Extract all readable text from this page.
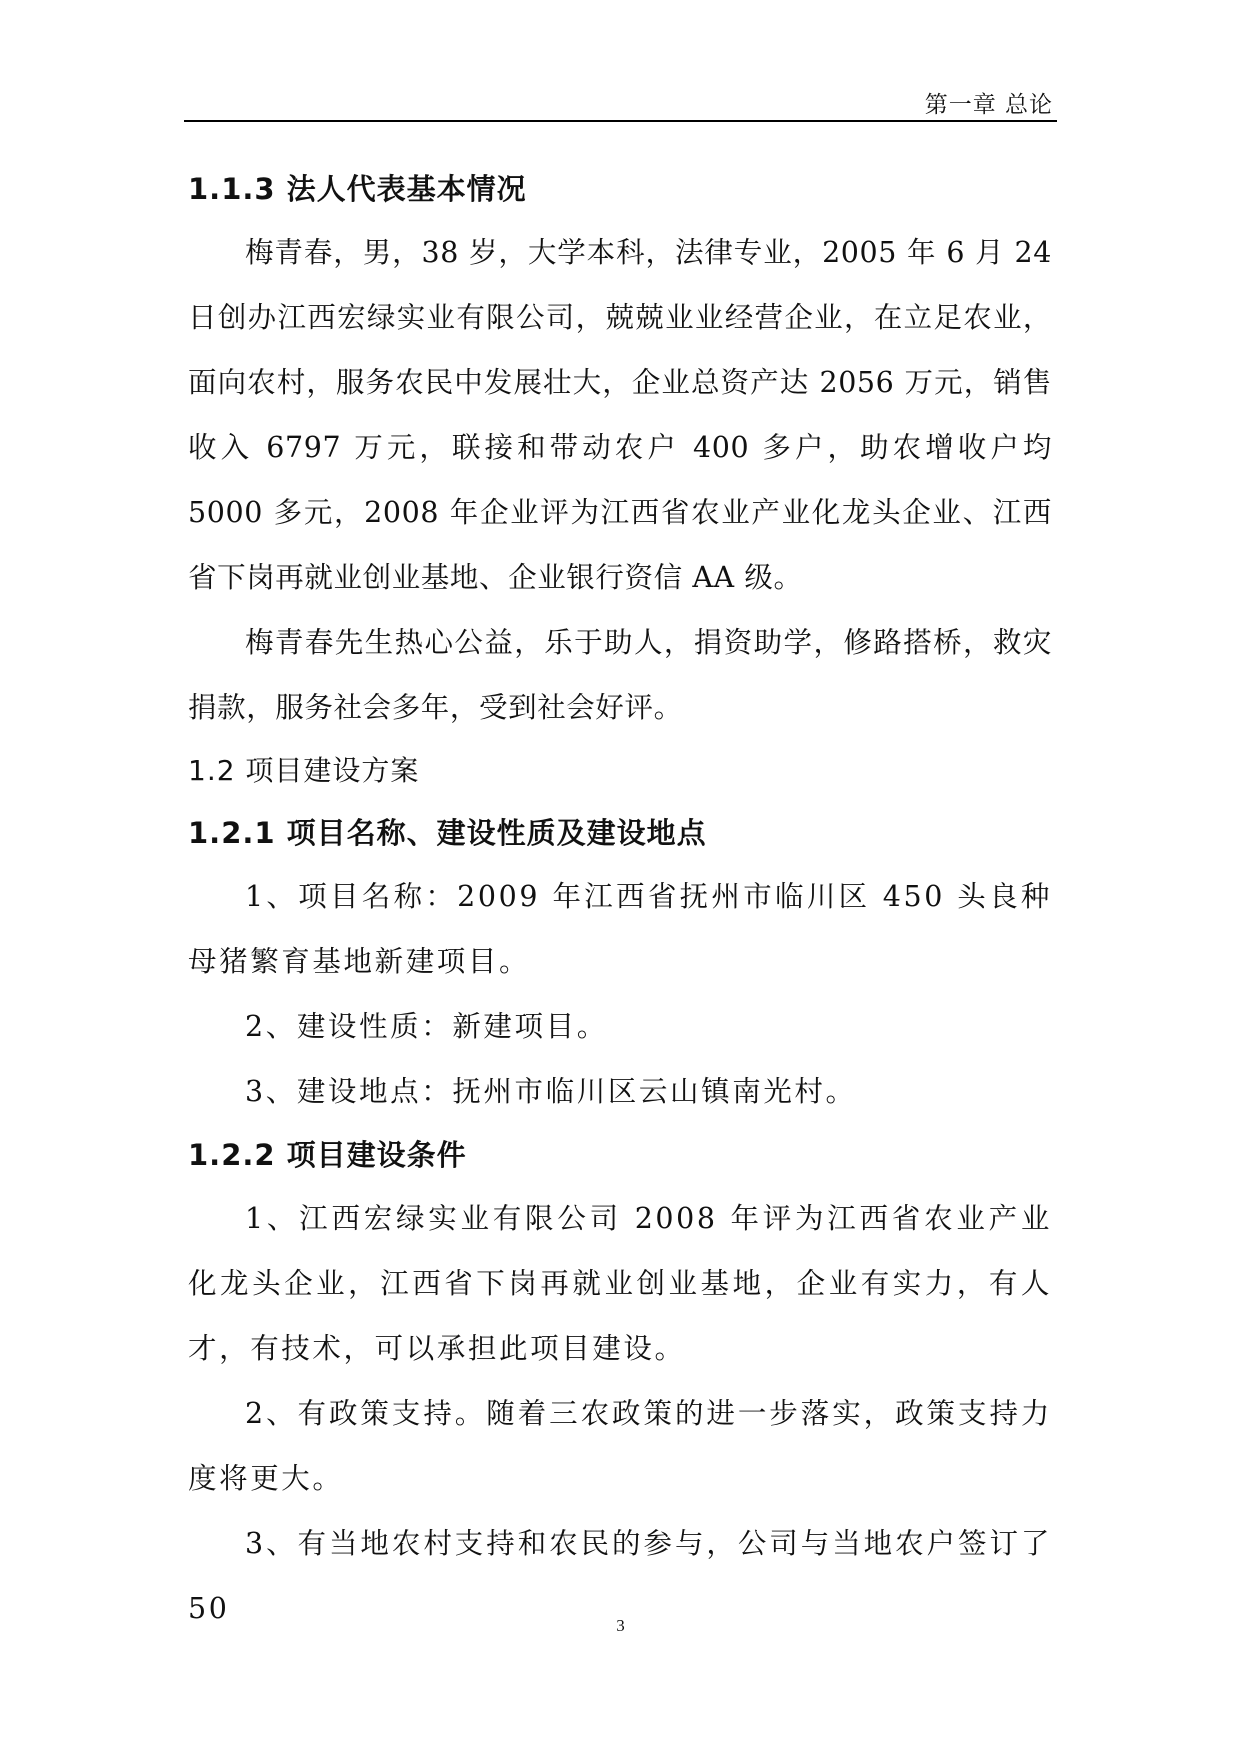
第一章 总论
1.1.3 法人代表基本情况

梅青春，男，38 岁，大学本科，法律专业，2005 年 6 月 24 日创办江西宏绿实业有限公司，兢兢业业经营企业，在立足农业，面向农村，服务农民中发展壮大，企业总资产达 2056 万元，销售收入 6797 万元，联接和带动农户 400 多户，助农增收户均 5000 多元，2008 年企业评为江西省农业产业化龙头企业、江西省下岗再就业创业基地、企业银行资信 AA 级。

梅青春先生热心公益，乐于助人，捐资助学，修路搭桥，救灾捐款，服务社会多年，受到社会好评。

1.2 项目建设方案
1.2.1 项目名称、建设性质及建设地点

1、项目名称：2009 年江西省抚州市临川区 450 头良种母猪繁育基地新建项目。

2、建设性质：新建项目。

3、建设地点：抚州市临川区云山镇南光村。

1.2.2 项目建设条件

1、江西宏绿实业有限公司 2008 年评为江西省农业产业化龙头企业，江西省下岗再就业创业基地，企业有实力，有人才，有技术，可以承担此项目建设。

2、有政策支持。随着三农政策的进一步落实，政策支持力度将更大。

3、有当地农村支持和农民的参与，公司与当地农户签订了 50

3
